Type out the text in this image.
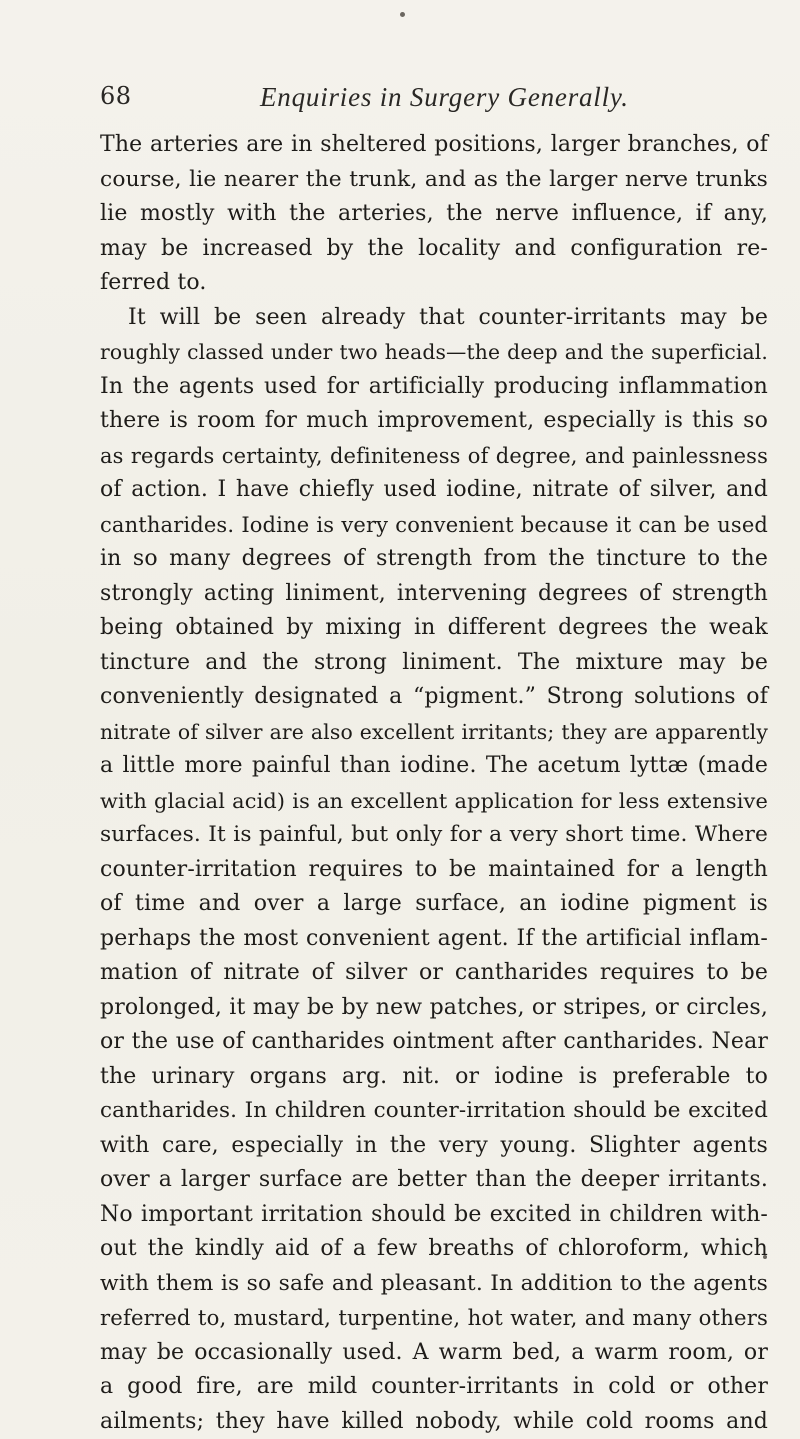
68	Enquiries in Surgery Generally.
The arteries are in sheltered positions, larger branches, of
course, lie nearer the trunk, and as the larger nerve trunks
lie mostly with the arteries, the nerve influence, if any,
may be increased by the locality and configuration re-
ferred to.
It will be seen already that counter-irritants may be
roughly classed under two heads—the deep and the superficial.
In the agents used for artificially producing inflammation
there is room for much improvement, especially is this so
as regards certainty, definiteness of degree, and painlessness
of action. I have chiefly used iodine, nitrate of silver, and
cantharides. Iodine is very convenient because it can be used
in so many degrees of strength from the tincture to the
strongly acting liniment, intervening degrees of strength
being obtained by mixing in different degrees the weak
tincture and the strong liniment. The mixture may be
conveniently designated a “pigment.” Strong solutions of
nitrate of silver are also excellent irritants; they are apparently
a little more painful than iodine. The acetum lyttæ (made
with glacial acid) is an excellent application for less extensive
surfaces. It is painful, but only for a very short time. Where
counter-irritation requires to be maintained for a length
of time and over a large surface, an iodine pigment is
perhaps the most convenient agent. If the artificial inflam-
mation of nitrate of silver or cantharides requires to be
prolonged, it may be by new patches, or stripes, or circles,
or the use of cantharides ointment after cantharides. Near
the urinary organs arg. nit. or iodine is preferable to
cantharides. In children counter-irritation should be excited
with care, especially in the very young. Slighter agents
over a larger surface are better than the deeper irritants.
No important irritation should be excited in children with-
out the kindly aid of a few breaths of chloroform, which
with them is so safe and pleasant. In addition to the agents
referred to, mustard, turpentine, hot water, and many others
may be occasionally used. A warm bed, a warm room, or
a good fire, are mild counter-irritants in cold or other
ailments; they have killed nobody, while cold rooms and
